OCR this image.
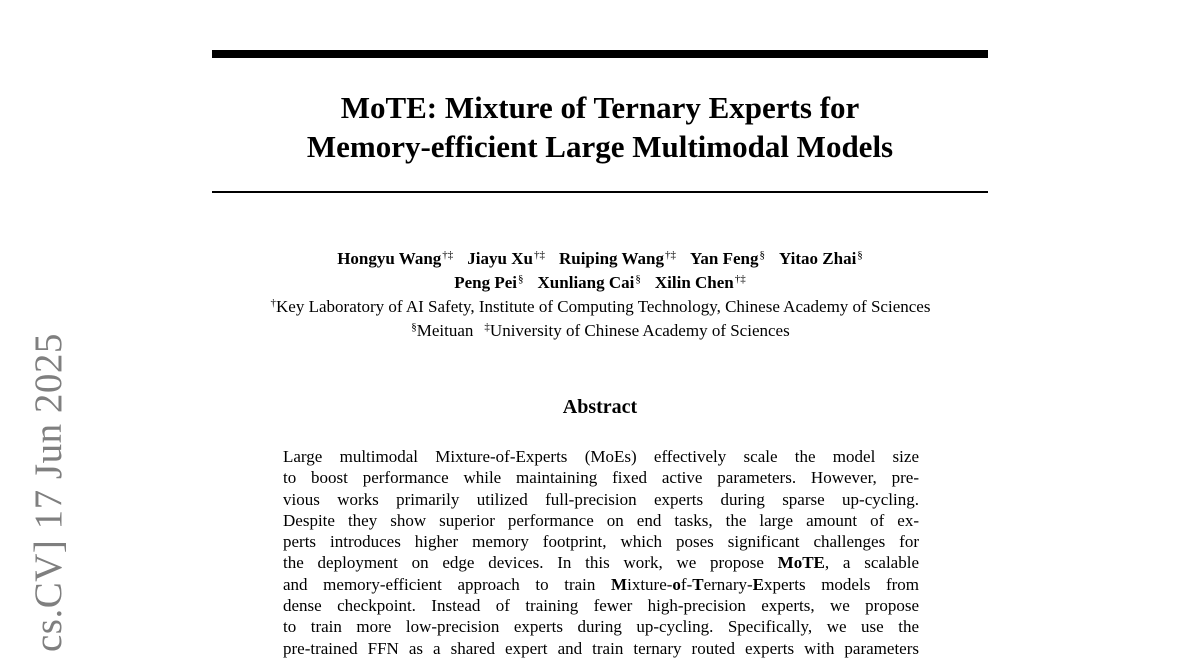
cs.CV] 17 Jun 2025
MoTE: Mixture of Ternary Experts for
Memory-efficient Large Multimodal Models
Hongyu Wang†‡ Jiayu Xu†‡ Ruiping Wang†‡ Yan Feng§ Yitao Zhai§
Peng Pei§ Xunliang Cai§ Xilin Chen†‡
†Key Laboratory of AI Safety, Institute of Computing Technology, Chinese Academy of Sciences
§Meituan ‡University of Chinese Academy of Sciences
Abstract
Large multimodal Mixture-of-Experts (MoEs) effectively scale the model size
to boost performance while maintaining fixed active parameters. However, pre-
vious works primarily utilized full-precision experts during sparse up-cycling.
Despite they show superior performance on end tasks, the large amount of ex-
perts introduces higher memory footprint, which poses significant challenges for
the deployment on edge devices. In this work, we propose MoTE, a scalable
and memory-efficient approach to train Mixture-of-Ternary-Experts models from
dense checkpoint. Instead of training fewer high-precision experts, we propose
to train more low-precision experts during up-cycling. Specifically, we use the
pre-trained FFN as a shared expert and train ternary routed experts with parameters
